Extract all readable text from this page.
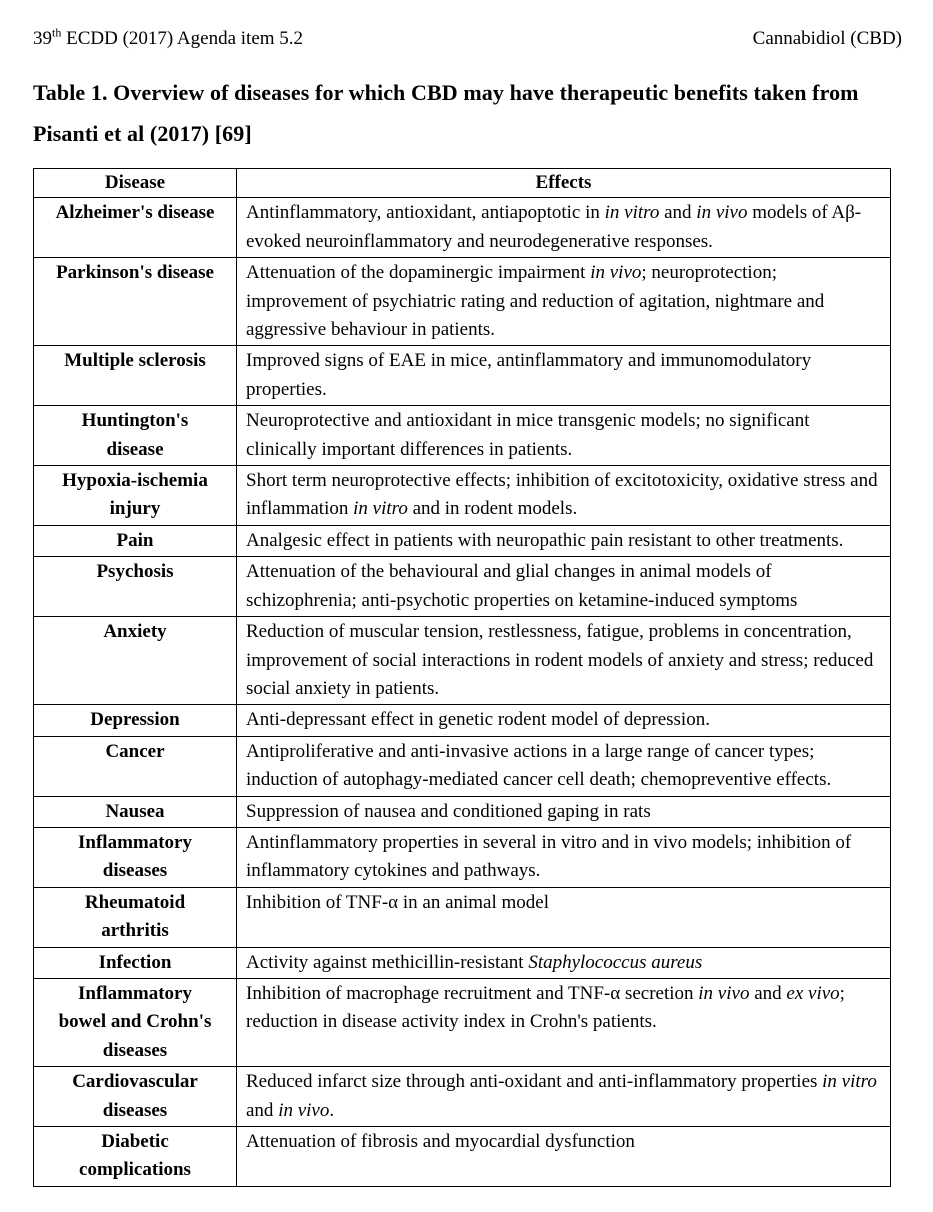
39th ECDD (2017) Agenda item 5.2	Cannabidiol (CBD)
Table 1. Overview of diseases for which CBD may have therapeutic benefits taken from Pisanti et al (2017) [69]
Disease	Effects
Alzheimer's disease	Antinflammatory, antioxidant, antiapoptotic in in vitro and in vivo models of Aβ-evoked neuroinflammatory and neurodegenerative responses.
Parkinson's disease	Attenuation of the dopaminergic impairment in vivo; neuroprotection; improvement of psychiatric rating and reduction of agitation, nightmare and aggressive behaviour in patients.
Multiple sclerosis	Improved signs of EAE in mice, antinflammatory and immunomodulatory properties.
Huntington's
disease	Neuroprotective and antioxidant in mice transgenic models; no significant clinically important differences in patients.
Hypoxia-ischemia
injury	Short term neuroprotective effects; inhibition of excitotoxicity, oxidative stress and inflammation in vitro and in rodent models.
Pain	Analgesic effect in patients with neuropathic pain resistant to other treatments.
Psychosis	Attenuation of the behavioural and glial changes in animal models of schizophrenia; anti-psychotic properties on ketamine-induced symptoms
Anxiety	Reduction of muscular tension, restlessness, fatigue, problems in concentration, improvement of social interactions in rodent models of anxiety and stress; reduced social anxiety in patients.
Depression	Anti-depressant effect in genetic rodent model of depression.
Cancer	Antiproliferative and anti-invasive actions in a large range of cancer types; induction of autophagy-mediated cancer cell death; chemopreventive effects.
Nausea	Suppression of nausea and conditioned gaping in rats
Inflammatory
diseases	Antinflammatory properties in several in vitro and in vivo models; inhibition of inflammatory cytokines and pathways.
Rheumatoid
arthritis	Inhibition of TNF-α in an animal model
Infection	Activity against methicillin-resistant Staphylococcus aureus
Inflammatory
bowel and Crohn's
diseases	Inhibition of macrophage recruitment and TNF-α secretion in vivo and ex vivo; reduction in disease activity index in Crohn's patients.
Cardiovascular
diseases	Reduced infarct size through anti-oxidant and anti-inflammatory properties in vitro and in vivo.
Diabetic
complications	Attenuation of fibrosis and myocardial dysfunction
